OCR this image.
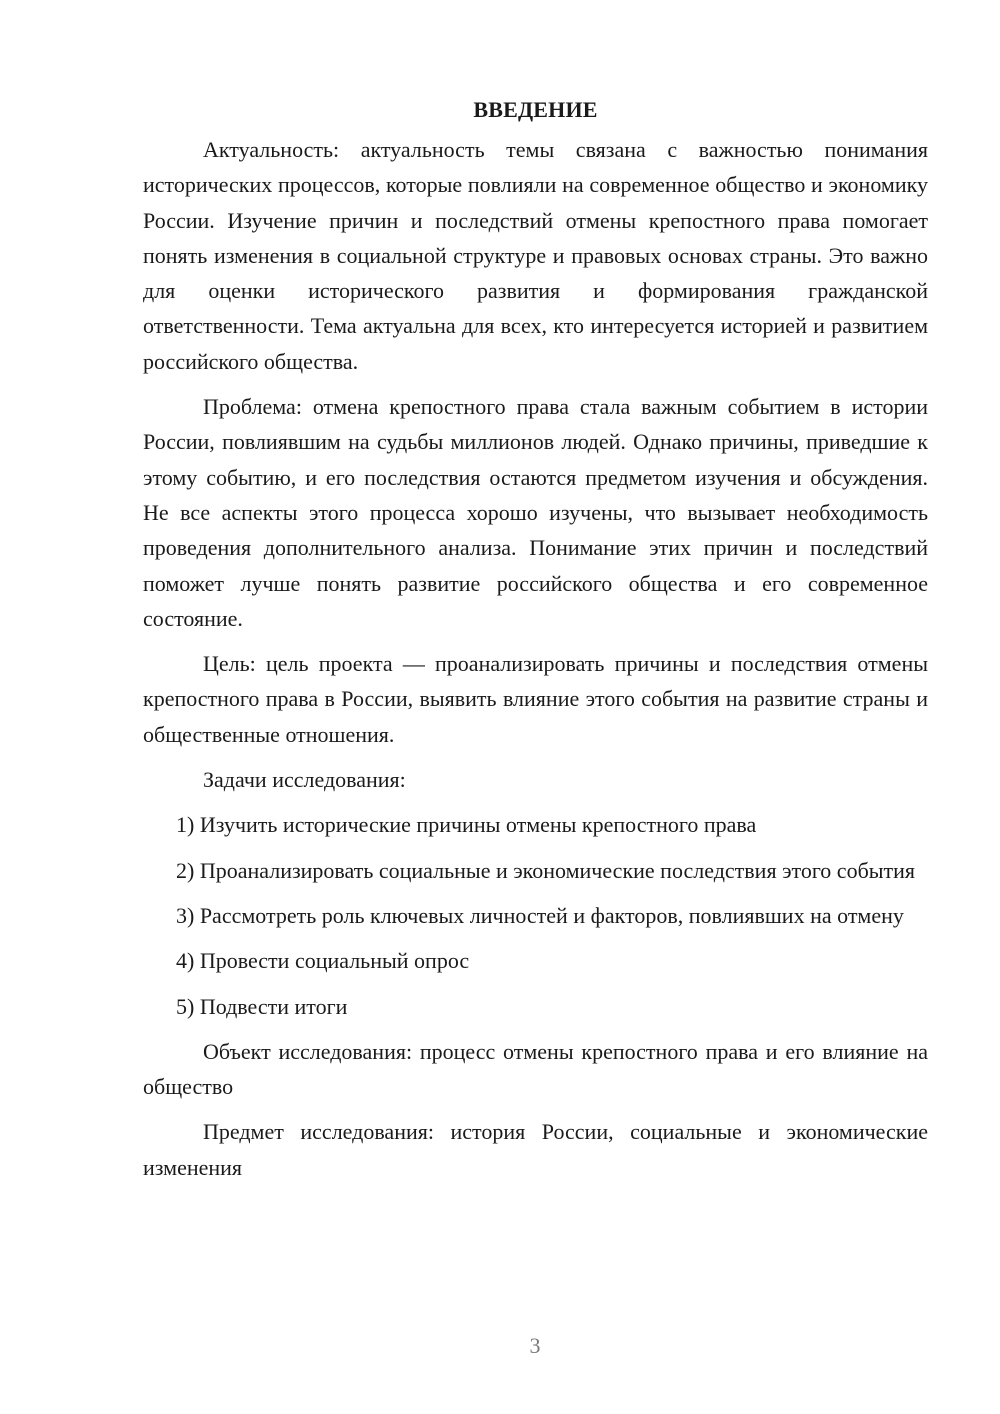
ВВЕДЕНИЕ

Актуальность: актуальность темы связана с важностью понимания исторических процессов, которые повлияли на современное общество и экономику России. Изучение причин и последствий отмены крепостного права помогает понять изменения в социальной структуре и правовых основах страны. Это важно для оценки исторического развития и формирования гражданской ответственности. Тема актуальна для всех, кто интересуется историей и развитием российского общества.

Проблема: отмена крепостного права стала важным событием в истории России, повлиявшим на судьбы миллионов людей. Однако причины, приведшие к этому событию, и его последствия остаются предметом изучения и обсуждения. Не все аспекты этого процесса хорошо изучены, что вызывает необходимость проведения дополнительного анализа. Понимание этих причин и последствий поможет лучше понять развитие российского общества и его современное состояние.

Цель: цель проекта — проанализировать причины и последствия отмены крепостного права в России, выявить влияние этого события на развитие страны и общественные отношения.

Задачи исследования:

1) Изучить исторические причины отмены крепостного права

2) Проанализировать социальные и экономические последствия этого события

3) Рассмотреть роль ключевых личностей и факторов, повлиявших на отмену

4) Провести социальный опрос

5) Подвести итоги

Объект исследования: процесс отмены крепостного права и его влияние на общество

Предмет исследования: история России, социальные и экономические изменения

3
